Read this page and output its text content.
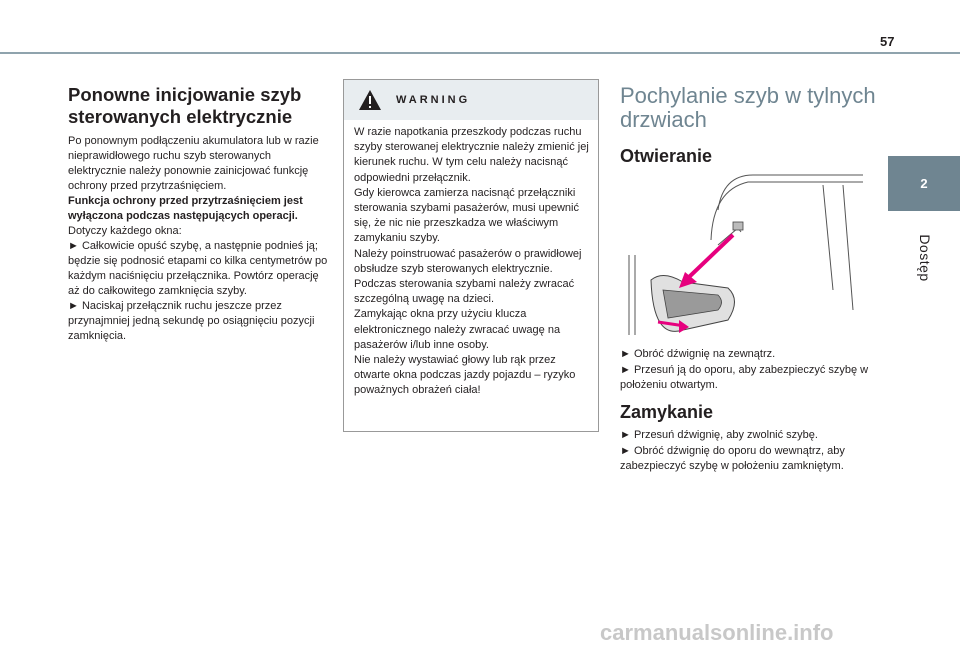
57
2
Dostęp
Ponowne inicjowanie szyb sterowanych elektrycznie

Po ponownym podłączeniu akumulatora lub w razie nieprawidłowego ruchu szyb sterowanych elektrycznie należy ponownie zainicjować funkcję ochrony przed przytrzaśnięciem.

Funkcja ochrony przed przytrzaśnięciem jest wyłączona podczas następujących operacji.

Dotyczy każdego okna:

► Całkowicie opuść szybę, a następnie podnieś ją; będzie się podnosić etapami co kilka centymetrów po każdym naciśnięciu przełącznika. Powtórz operację aż do całkowitego zamknięcia szyby.

► Naciskaj przełącznik ruchu jeszcze przez przynajmniej jedną sekundę po osiągnięciu pozycji zamknięcia.

WARNING

W razie napotkania przeszkody podczas ruchu szyby sterowanej elektrycznie należy zmienić jej kierunek ruchu. W tym celu należy nacisnąć odpowiedni przełącznik.

Gdy kierowca zamierza nacisnąć przełączniki sterowania szybami pasażerów, musi upewnić się, że nic nie przeszkadza we właściwym zamykaniu szyby.

Należy poinstruować pasażerów o prawidłowej obsłudze szyb sterowanych elektrycznie.

Podczas sterowania szybami należy zwracać szczególną uwagę na dzieci.

Zamykając okna przy użyciu klucza elektronicznego należy zwracać uwagę na pasażerów i/lub inne osoby.

Nie należy wystawiać głowy lub rąk przez otwarte okna podczas jazdy pojazdu – ryzyko poważnych obrażeń ciała!

Pochylanie szyb w tylnych drzwiach
Otwieranie

► Obróć dźwignię na zewnątrz.

► Przesuń ją do oporu, aby zabezpieczyć szybę w położeniu otwartym.

Zamykanie

► Przesuń dźwignię, aby zwolnić szybę.

► Obróć dźwignię do oporu do wewnątrz, aby zabezpieczyć szybę w położeniu zamkniętym.

carmanualsonline.info
